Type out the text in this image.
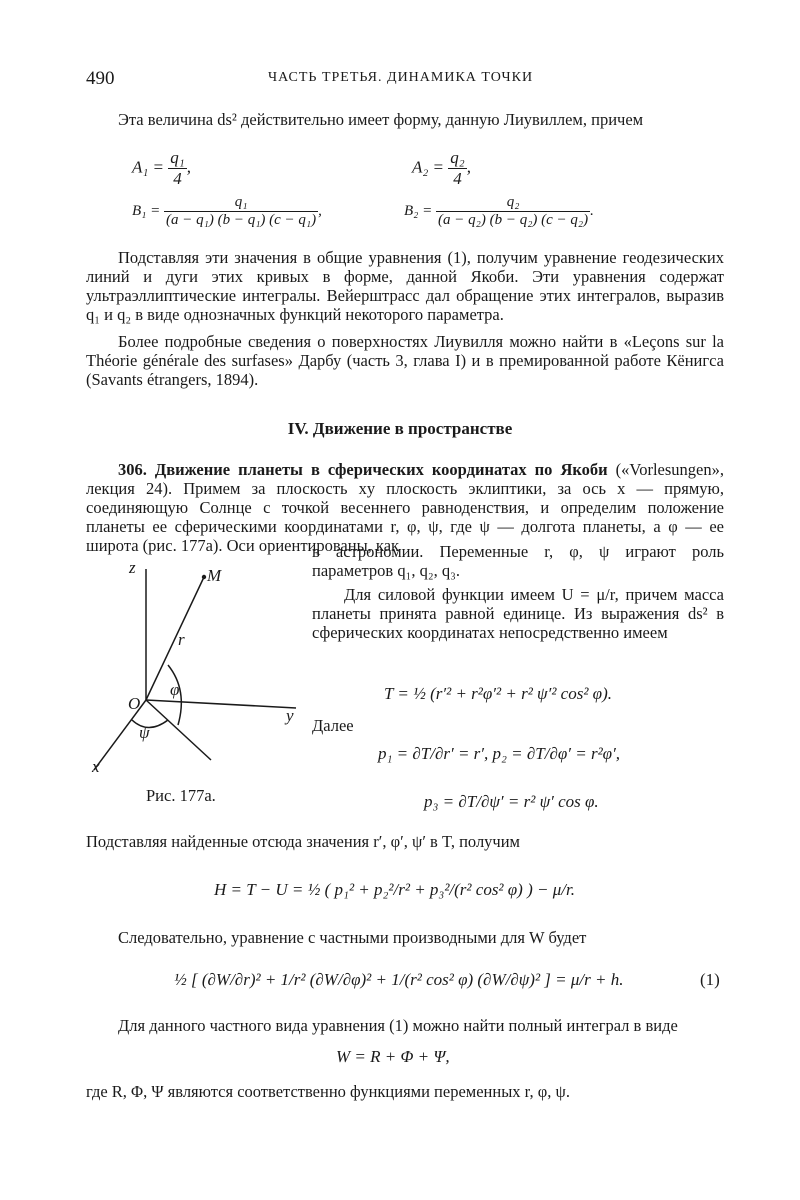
490	ЧАСТЬ ТРЕТЬЯ. ДИНАМИКА ТОЧКИ
Эта величина ds² действительно имеет форму, данную Лиувиллем, причем
$A_1 = \frac{\text{q₁}}{4}$ ,	$A_2 = \frac{\text{q₂}}{4}$ ,
$B_1 = \frac{\text{q₁}}{\text{(a − q₁) (b − q₁) (c − q₁)}}$ ,	$B_2 = \frac{\text{q₂}}{\text{(a − q₂) (b − q₂) (c − q₂)}}$ .
Подставляя эти значения в общие уравнения (1), получим уравнение геодезических линий и дуги этих кривых в форме, данной Якоби. Эти уравнения содержат ультраэллиптические интегралы. Вейерштрасс дал обращение этих интегралов, выразив q₁ и q₂ в виде однозначных функций некоторого параметра.
Более подробные сведения о поверхностях Лиувилля можно найти в «Leçons sur la Théorie générale des surfases» Дарбу (часть 3, глава I) и в премированной работе Кёнигса (Savants étrangers, 1894).
IV. Движение в пространстве
306. Движение планеты в сферических координатах по Якоби («Vorlesungen», лекция 24). Примем за плоскость xy плоскость эклиптики, за ось x — прямую, соединяющую Солнце с точкой весеннего равноденствия, и определим положение планеты ее сферическими координатами r, φ, ψ, где ψ — долгота планеты, а φ — ее широта (рис. 177а). Оси ориентированы, как
в астрономии. Переменные r, φ, ψ играют роль параметров q₁, q₂, q₃.
Для силовой функции имеем U = μ/r, причем масса планеты принята равной единице. Из выражения ds² в сферических координатах непосредственно имеем
T = ½ (r′² + r²φ′² + r² ψ′² cos² φ).
Далее
p₁ = ∂T/∂r′ = r′, p₂ = ∂T/∂φ′ = r²φ′,
p₃ = ∂T/∂ψ′ = r² ψ′ cos φ.
z	M
r
φ
O
y
ψ
x
Рис. 177а.
Подставляя найденные отсюда значения r′, φ′, ψ′ в T, получим
H = T − U = ½ ( p₁² + p₂²/r² + p₃²/(r² cos² φ) ) − μ/r.
Следовательно, уравнение с частными производными для W будет
½ [ (∂W/∂r)² + 1/r² (∂W/∂φ)² + 1/(r² cos² φ) (∂W/∂ψ)² ] = μ/r + h.	(1)
Для данного частного вида уравнения (1) можно найти полный интеграл в виде
W = R + Φ + Ψ,
где R, Φ, Ψ являются соответственно функциями переменных r, φ, ψ.
